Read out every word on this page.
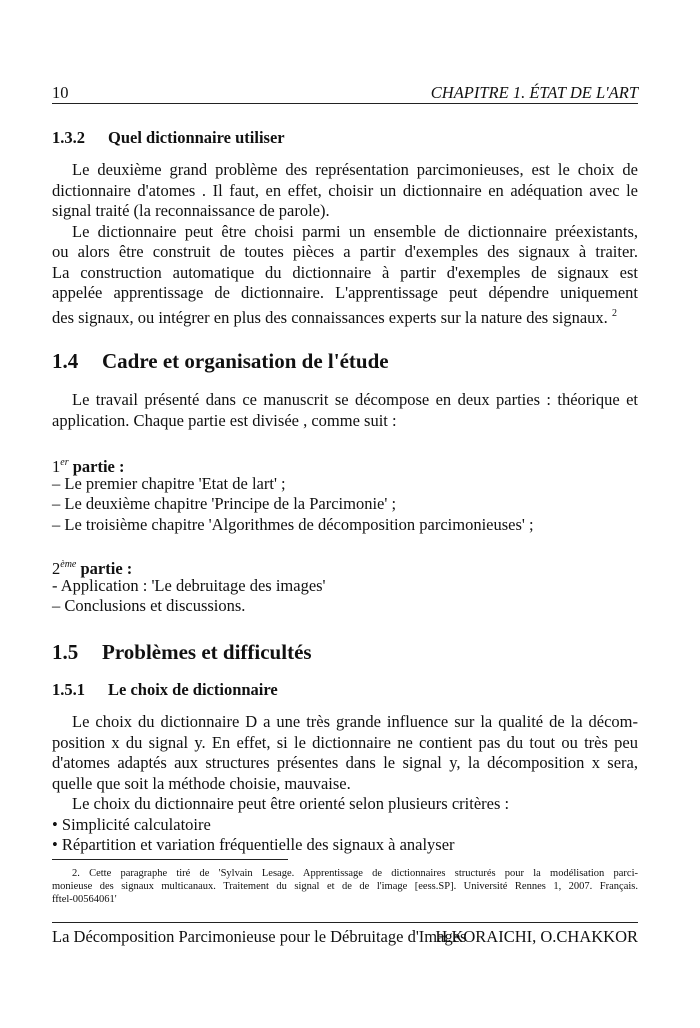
10	CHAPITRE 1. ÉTAT DE L'ART
1.3.2 Quel dictionnaire utiliser
Le deuxième grand problème des représentation parcimonieuses, est le choix de
dictionnaire d'atomes . Il faut, en effet, choisir un dictionnaire en adéquation avec le
signal traité (la reconnaissance de parole).
Le dictionnaire peut être choisi parmi un ensemble de dictionnaire préexistants,
ou alors être construit de toutes pièces a partir d'exemples des signaux à traiter.
La construction automatique du dictionnaire à partir d'exemples de signaux est
appelée apprentissage de dictionnaire. L'apprentissage peut dépendre uniquement
des signaux, ou intégrer en plus des connaissances experts sur la nature des signaux. $^2$
1.4 Cadre et organisation de l'étude
Le travail présenté dans ce manuscrit se décompose en deux parties : théorique et
application. Chaque partie est divisée , comme suit :
1er partie :
– Le premier chapitre 'Etat de lart' ;
– Le deuxième chapitre 'Principe de la Parcimonie' ;
– Le troisième chapitre 'Algorithmes de décomposition parcimonieuses' ;
2ème partie :
- Application : 'Le debruitage des images'
– Conclusions et discussions.
1.5 Problèmes et difficultés
1.5.1 Le choix de dictionnaire
Le choix du dictionnaire D a une très grande influence sur la qualité de la décom-
position x du signal y. En effet, si le dictionnaire ne contient pas du tout ou très peu
d'atomes adaptés aux structures présentes dans le signal y, la décomposition x sera,
quelle que soit la méthode choisie, mauvaise.
Le choix du dictionnaire peut être orienté selon plusieurs critères :
• Simplicité calculatoire
• Répartition et variation fréquentielle des signaux à analyser
2. Cette paragraphe tiré de 'Sylvain Lesage. Apprentissage de dictionnaires structurés pour la modélisation parci-
monieuse des signaux multicanaux. Traitement du signal et de de l'image [eess.SP]. Université Rennes 1, 2007. Français.
fftel-00564061'
La Décomposition Parcimonieuse pour le Débruitage d'Images
H.KORAICHI, O.CHAKKOR
